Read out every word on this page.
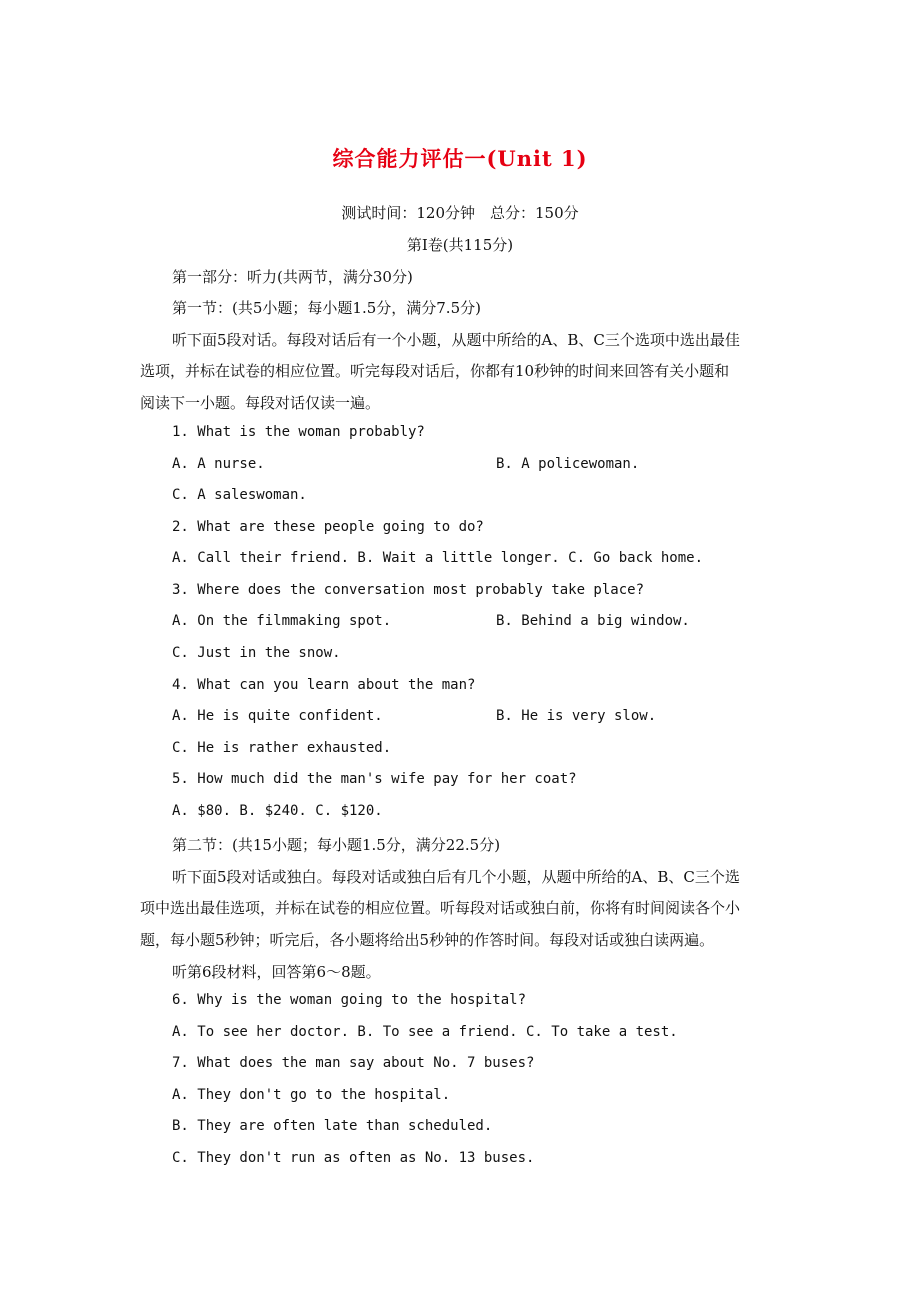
综合能力评估一(Unit 1)
测试时间：120分钟　总分：150分
第Ⅰ卷(共115分)
第一部分：听力(共两节，满分30分)
第一节：(共5小题；每小题1.5分，满分7.5分)
听下面5段对话。每段对话后有一个小题，从题中所给的A、B、C三个选项中选出最佳
选项，并标在试卷的相应位置。听完每段对话后，你都有10秒钟的时间来回答有关小题和
阅读下一小题。每段对话仅读一遍。
1. What is the woman probably?
A. A nurse.	B. A policewoman.
C. A saleswoman.
2. What are these people going to do?
A. Call their friend. B. Wait a little longer. C. Go back home.
3. Where does the conversation most probably take place?
A. On the filmmaking spot.	B. Behind a big window.
C. Just in the snow.
4. What can you learn about the man?
A. He is quite confident.	B. He is very slow.
C. He is rather exhausted.
5. How much did the man's wife pay for her coat?
A. $80. B. $240. C. $120.
第二节：(共15小题；每小题1.5分，满分22.5分)
听下面5段对话或独白。每段对话或独白后有几个小题，从题中所给的A、B、C三个选
项中选出最佳选项，并标在试卷的相应位置。听每段对话或独白前，你将有时间阅读各个小
题，每小题5秒钟；听完后，各小题将给出5秒钟的作答时间。每段对话或独白读两遍。
听第6段材料，回答第6～8题。
6. Why is the woman going to the hospital?
A. To see her doctor. B. To see a friend. C. To take a test.
7. What does the man say about No. 7 buses?
A. They don't go to the hospital.
B. They are often late than scheduled.
C. They don't run as often as No. 13 buses.
